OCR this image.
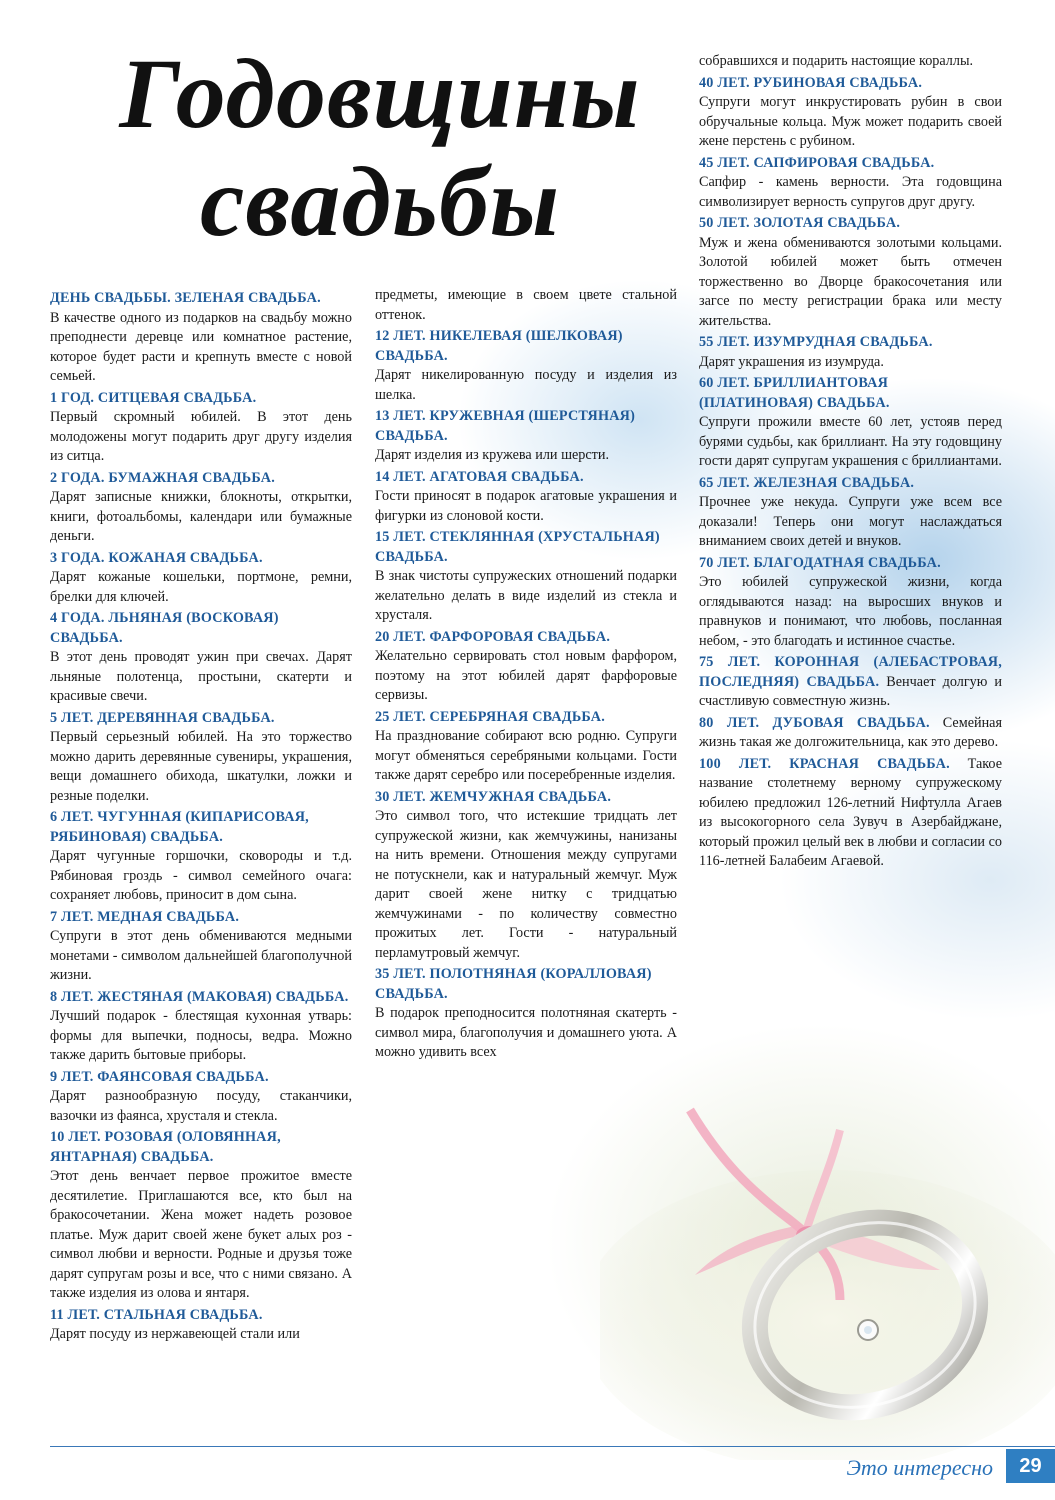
Годовщины свадьбы
ДЕНЬ СВАДЬБЫ. ЗЕЛЕНАЯ СВАДЬБА.
В качестве одного из подарков на свадьбу можно преподнести деревце или комнатное растение, которое будет расти и крепнуть вместе с новой семьей.
1 ГОД. СИТЦЕВАЯ СВАДЬБА.
Первый скромный юбилей. В этот день молодожены могут подарить друг другу изделия из ситца.
2 ГОДА. БУМАЖНАЯ СВАДЬБА.
Дарят записные книжки, блокноты, открытки, книги, фотоальбомы, календари или бумажные деньги.
3 ГОДА. КОЖАНАЯ СВАДЬБА.
Дарят кожаные кошельки, портмоне, ремни, брелки для ключей.
4 ГОДА. ЛЬНЯНАЯ (ВОСКОВАЯ) СВАДЬБА.
В этот день проводят ужин при свечах. Дарят льняные полотенца, простыни, скатерти и красивые свечи.
5 ЛЕТ. ДЕРЕВЯННАЯ СВАДЬБА.
Первый серьезный юбилей. На это торжество можно дарить деревянные сувениры, украшения, вещи домашнего обихода, шкатулки, ложки и резные поделки.
6 ЛЕТ. ЧУГУННАЯ (КИПАРИСОВАЯ, РЯБИНОВАЯ) СВАДЬБА.
Дарят чугунные горшочки, сковороды и т.д. Рябиновая гроздь - символ семейного очага: сохраняет любовь, приносит в дом сына.
7 ЛЕТ. МЕДНАЯ СВАДЬБА.
Супруги в этот день обмениваются медными монетами - символом дальнейшей благополучной жизни.
8 ЛЕТ. ЖЕСТЯНАЯ (МАКОВАЯ) СВАДЬБА.
Лучший подарок - блестящая кухонная утварь: формы для выпечки, подносы, ведра. Можно также дарить бытовые приборы.
9 ЛЕТ. ФАЯНСОВАЯ СВАДЬБА.
Дарят разнообразную посуду, стаканчики, вазочки из фаянса, хрусталя и стекла.
10 ЛЕТ. РОЗОВАЯ (ОЛОВЯННАЯ, ЯНТАРНАЯ) СВАДЬБА.
Этот день венчает первое прожитое вместе десятилетие. Приглашаются все, кто был на бракосочетании. Жена может надеть розовое платье. Муж дарит своей жене букет алых роз - символ любви и верности. Родные и друзья тоже дарят супругам розы и все, что с ними связано. А также изделия из олова и янтаря.
11 ЛЕТ. СТАЛЬНАЯ СВАДЬБА.
Дарят посуду из нержавеющей стали или
предметы, имеющие в своем цвете стальной оттенок.
12 ЛЕТ. НИКЕЛЕВАЯ (ШЕЛКОВАЯ) СВАДЬБА.
Дарят никелированную посуду и изделия из шелка.
13 ЛЕТ. КРУЖЕВНАЯ (ШЕРСТЯНАЯ) СВАДЬБА.
Дарят изделия из кружева или шерсти.
14 ЛЕТ. АГАТОВАЯ СВАДЬБА.
Гости приносят в подарок агатовые украшения и фигурки из слоновой кости.
15 ЛЕТ. СТЕКЛЯННАЯ (ХРУСТАЛЬНАЯ) СВАДЬБА.
В знак чистоты супружеских отношений подарки желательно делать в виде изделий из стекла и хрусталя.
20 ЛЕТ. ФАРФОРОВАЯ СВАДЬБА.
Желательно сервировать стол новым фарфором, поэтому на этот юбилей дарят фарфоровые сервизы.
25 ЛЕТ. СЕРЕБРЯНАЯ СВАДЬБА.
На празднование собирают всю родню. Супруги могут обменяться серебряными кольцами. Гости также дарят серебро или посеребренные изделия.
30 ЛЕТ. ЖЕМЧУЖНАЯ СВАДЬБА.
Это символ того, что истекшие тридцать лет супружеской жизни, как жемчужины, нанизаны на нить времени. Отношения между супругами не потускнели, как и натуральный жемчуг. Муж дарит своей жене нитку с тридцатью жемчужинами - по количеству совместно прожитых лет. Гости - натуральный перламутровый жемчуг.
35 ЛЕТ. ПОЛОТНЯНАЯ (КОРАЛЛОВАЯ) СВАДЬБА.
В подарок преподносится полотняная скатерть - символ мира, благополучия и домашнего уюта. А можно удивить всех
собравшихся и подарить настоящие кораллы.
40 ЛЕТ. РУБИНОВАЯ СВАДЬБА.
Супруги могут инкрустировать рубин в свои обручальные кольца. Муж может подарить своей жене перстень с рубином.
45 ЛЕТ. САПФИРОВАЯ СВАДЬБА.
Сапфир - камень верности. Эта годовщина символизирует верность супругов друг другу.
50 ЛЕТ. ЗОЛОТАЯ СВАДЬБА.
Муж и жена обмениваются золотыми кольцами. Золотой юбилей может быть отмечен торжественно во Дворце бракосочетания или загсе по месту регистрации брака или месту жительства.
55 ЛЕТ. ИЗУМРУДНАЯ СВАДЬБА.
Дарят украшения из изумруда.
60 ЛЕТ. БРИЛЛИАНТОВАЯ (ПЛАТИНОВАЯ) СВАДЬБА.
Супруги прожили вместе 60 лет, устояв перед бурями судьбы, как бриллиант. На эту годовщину гости дарят супругам украшения с бриллиантами.
65 ЛЕТ. ЖЕЛЕЗНАЯ СВАДЬБА.
Прочнее уже некуда. Супруги уже всем все доказали! Теперь они могут наслаждаться вниманием своих детей и внуков.
70 ЛЕТ. БЛАГОДАТНАЯ СВАДЬБА.
Это юбилей супружеской жизни, когда оглядываются назад: на выросших внуков и правнуков и понимают, что любовь, посланная небом, - это благодать и истинное счастье.
75 ЛЕТ. КОРОННАЯ (АЛЕБАСТРОВАЯ, ПОСЛЕДНЯЯ) СВАДЬБА. Венчает долгую и счастливую совместную жизнь.
80 ЛЕТ. ДУБОВАЯ СВАДЬБА. Семейная жизнь такая же долгожительница, как это дерево.
100 ЛЕТ. КРАСНАЯ СВАДЬБА. Такое название столетнему верному супружескому юбилею предложил 126-летний Нифтулла Агаев из высокогорного села Зувуч в Азербайджане, который прожил целый век в любви и согласии со 116-летней Балабеим Агаевой.
Это интересно	29
